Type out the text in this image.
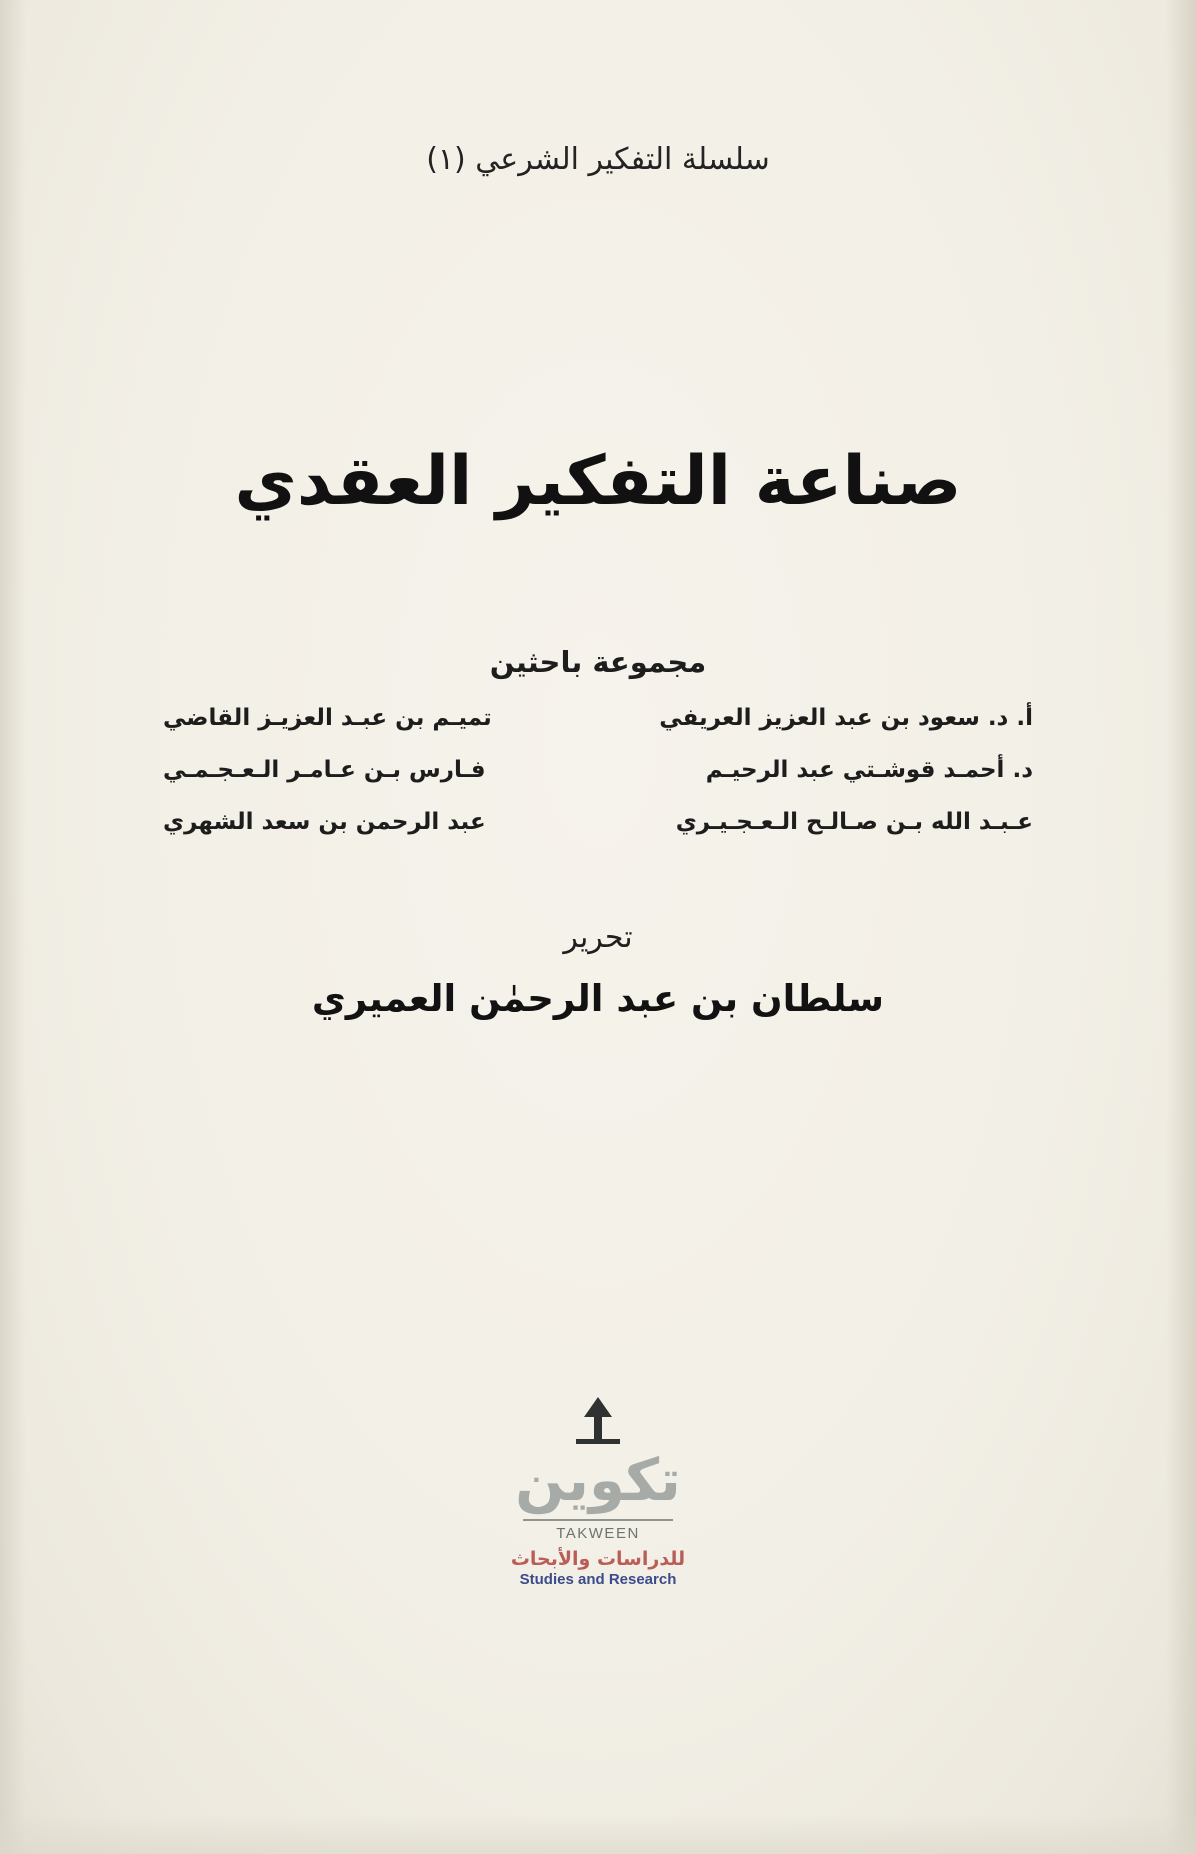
سلسلة التفكير الشرعي (١)
صناعة التفكير العقدي
مجموعة باحثين
أ. د. سعود بن عبد العزيز العريفي
تميـم بن عبـد العزيـز القاضي
د. أحمـد قوشـتي عبد الرحيـم
فـارس بـن عـامـر الـعـجـمـي
عـبـد الله بـن صـالـح الـعـجـيـري
عبد الرحمن بن سعد الشهري
تحرير
سلطان بن عبد الرحمٰن العميري
تكوين
TAKWEEN
للدراسات والأبحاث
Studies and Research
